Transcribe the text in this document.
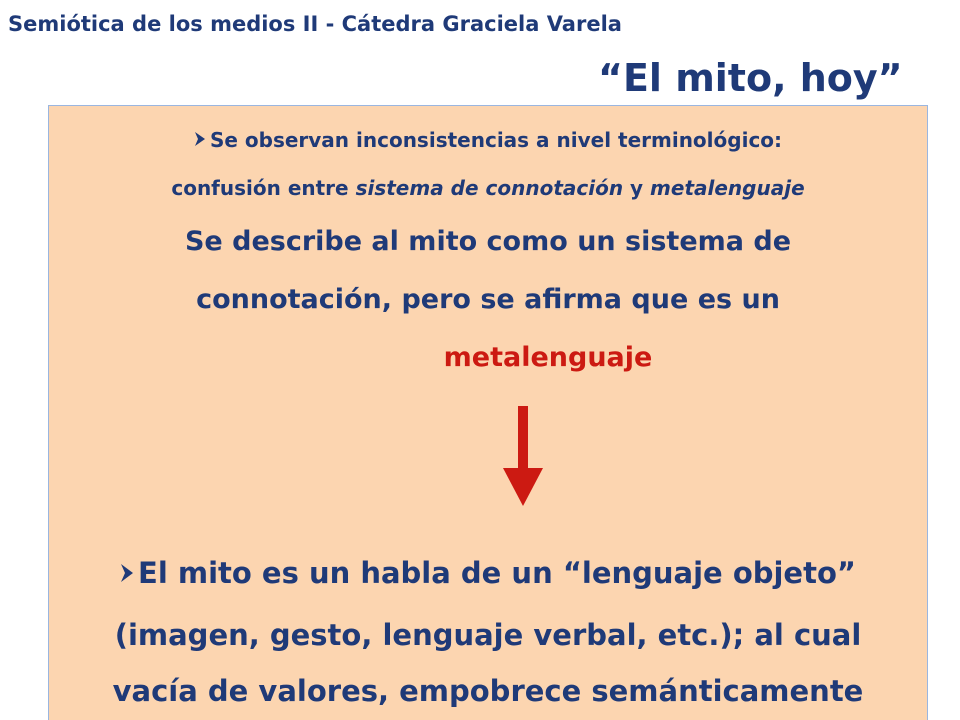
Semiótica de los medios II - Cátedra Graciela Varela
“El mito, hoy”
Se observan inconsistencias a nivel terminológico:
confusión entre sistema de connotación y metalenguaje
Se describe al mito como un sistema de
connotación, pero se afirma que es un
metalenguaje
El mito es un habla de un “lenguaje objeto”
(imagen, gesto, lenguaje verbal, etc.); al cual
vacía de valores, empobrece semánticamente
